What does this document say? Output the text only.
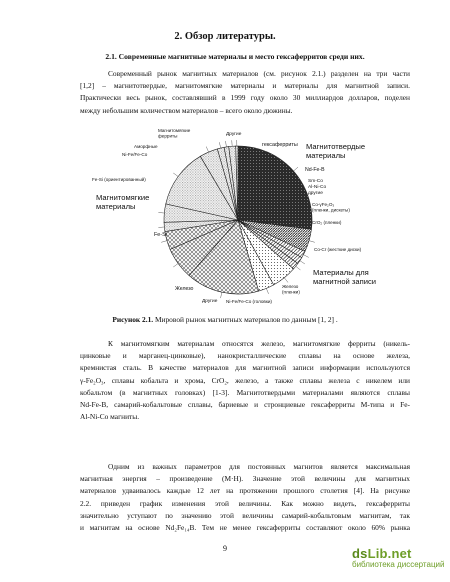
2. Обзор литературы.
2.1. Современные магнитные материалы и место гексаферритов среди них.
Современный рынок магнитных материалов (см. рисунок 2.1.) разделен на три части
[1,2] – магнитотвердые, магнитомягкие материалы и материалы для магнитной записи.
Практически весь рынок, составлявший в 1999 году около 30 миллиардов долларов, поделен
между небольшим количеством материалов – всего около дюжины.
гексаферриты
Nd-Fe-B
Sm-Co
Al-Ni-Co
другие
Co-γFe₂O₃ (пленки, дискеты)
CrO₂ (пленки)
Co-Cr (жесткие диски)
Железо (пленки)
Ni-Fe/Fe-Co (головки)
Другие
Железо
Fe-Si
Fe-Si (ориентированный)
Ni-Fe/Fe-Co
Аморфные
Магнитомягкие ферриты	Другие
Магнитотвердые материалы
Материалы для магнитной записи
Магнитомягкие материалы
Рисунок 2.1. Мировой рынок магнитных материалов по данным [1, 2] .
К магнитомягким материалам относятся железо, магнитомягкие ферриты (никель-
цинковые и марганец-цинковые), нанокристаллические сплавы на основе железа,
кремнистая сталь. В качестве материалов для магнитной записи информации используются
γ-Fe₂O₃, сплавы кобальта и хрома, CrO₂, железо, а также сплавы железа с никелем или
кобальтом (в магнитных головках) [1-3]. Магнитотвердыми материалами являются сплавы
Nd-Fe-B, самарий-кобальтовые сплавы, бариевые и стронциевые гексаферриты М-типа и Fe-
Al-Ni-Co магниты.
Одним из важных параметров для постоянных магнитов является максимальная
магнитная энергия – произведение (М·Н). Значение этой величины для магнитных
материалов удваивалось каждые 12 лет на протяжении прошлого столетия [4]. На рисунке
2.2. приведен график изменения этой величины. Как можно видеть, гексаферриты
значительно уступают по значению этой величины самарий-кобальтовым магнитам, так
и магнитам на основе Nd₂Fe₁₄B. Тем не менее гексаферриты составляют около 60% рынка
9	dsLib.net
библиотека диссертаций
